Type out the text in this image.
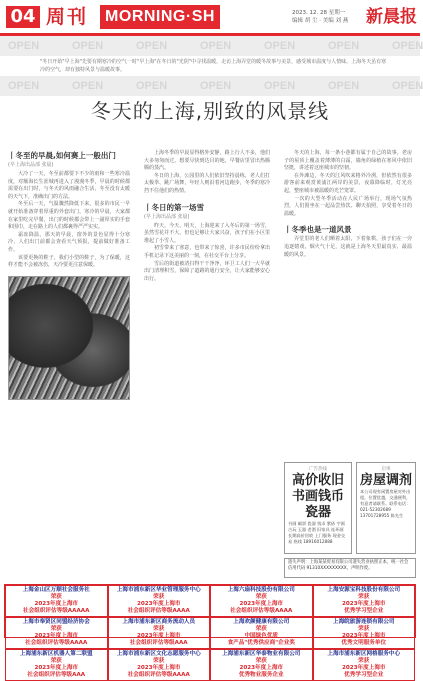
04 周刊	MORNING·SH	2023. 12. 28 星期一
编辑 胡 尘 · 美编 刘 燕	新晨报
OPEN	OPEN	OPEN	OPEN	OPEN	OPEN	OPEN
"冬日开始"早上海"先要有期寒冷的空气一时"早上海"在冬日的"光阴"中寻找温暖，走访上海弄堂的暖冬故事与美景，感受城市温度与人情味。上海冬天虽有寒冷的空气，却有独特风景与温暖故事。
OPEN	OPEN	OPEN	OPEN	OPEN	OPEN	OPEN
冬天的上海,别致的风景线
丨冬至的早晨,如何赛上一般出门
(早上海出品部 张晨)

大冷了一天，冬至前都要下不少的雨和一些寒冷温度，对额海长生涯城再进入了漫漫冬季，早晨的时候都需要在出门时，与冬天的风雨融合生活，冬至没有太暖的天气下，准确出门的方法。

冬至后一天，气温骤然降低下来，很多的市民一早就开始准备穿着厚重的外套出门，寒冷的早晨，大家都在家里吃完早餐，出门的时候都会带上一副厚实的手套和围巾，走在路上的人们都裹得严严实实。

霜冻降温，那天的早晨，窗外的景色显得十分寒冷，人们出门前都会查看天气预报，提前做好准备工作。

该要更换的鞋子，我们小型的鞋子，为了保暖，这样才能不会被冻伤，天冷要更注意保暖。

上海冬季的早晨显得格外安静，路上行人不多，他们大多匆匆而过，想要尽快到达目的地，早餐店里冒出热腾腾的蒸汽。

冬日的上海，公园里的人们依旧坚持晨练，老人们打太极拳、跳广场舞，年轻人则沿着河边跑步，冬季的寒冷挡不住他们的热情。

丨冬日的第一场雪
(早上海出品部 张晨)

昨天，今天、明天，上海迎来了入冬后的第一场雪，虽然雪花并不大，但也足够让大家兴奋，孩子们在小区里堆起了小雪人。

初雪带来了寒意，也带来了惊喜，许多市民纷纷拿出手机记录下这美丽的一刻，在社交平台上分享。

雪后的街道被清扫得干干净净，环卫工人们一大早就出门清理积雪，保障了道路的通行安全，让大家能够安心出行。

冬天的上海，每一条小巷都有属于自己的故事，老房子的屋顶上覆盖着薄薄的白霜，墙角的绿植在寒风中依旧坚挺，讲述着这座城市的坚韧。

在外滩边，冬天的江风吹来格外冷冽，但依然有很多游客前来观赏黄浦江两岸的美景，夜幕降临时，灯光亮起，整座城市被温暖的光芒笼罩。

一次的大型冬季活动在人民广场举行，现场气氛热烈，人们围坐在一起品尝热饮、聊天拍照，享受着冬日的温暖。

丨冬季也是一道风景

弄堂里的老人们晒着太阳，下着象棋，孩子们在一旁追逐嬉戏，烟火气十足，这就是上海冬天里最真实、最温暖的风景。

广告热线
高价收旧书画钱币瓷器
书画 邮票 瓷器 钱币 紫砂 字画 古玩 玉器 老酒 旧家具 连环画 长期高价回收 上门服务 现金交易 热线 18916012888
启事
房屋调剂
本公司现有闲置房屋对外出租，位置优越，交通便利，有意者请联系。联系电话：021-52302689 13701728955 陈先生
遗失声明：上海某某贸易有限公司遗失营业执照正本，统一社会信用代码 91310XXXXXXXXX，声明作废。
上海金山区万顺社会服务社
荣获
2023年度上海市
社会组织评估等级AAAAA
上海市浦东新区华业管理服务中心
荣获
2023年度上海市
社会组织评估等级AAAA
上海六扇科技股份有限公司
荣获
2023年度上海市
社会组织评估等级AAAA
上海安源宝科技股份有限公司
荣获
2023年度上海市
优秀学习型企业
上海市奉贤区同盟经济协会
荣获
2023年度上海市
社会组织评估等级AAAA
上海市浦东新区商务流动人员
荣获
2023年度上海市
社会组织评估等级AAA
上海欢颜健康有限公司
荣获
中国绿色优质
食产品"优秀供应商"企业奖
上海皖旅游连锁有限公司
荣获
2023年度上海市
优秀文明服务单位
上海浦东新区机器人第二联盟
荣获
2023年度上海市
社会组织评估等级AAA
上海市浦东新区文化志愿服务中心
荣获
2023年度上海市
社会组织评估等级AAAA
上海浦东新区华泰物业有限公司
荣获
2023年度上海市
优秀物业服务企业
上海市浦东新区网格服务中心
荣获
2023年度上海市
优秀学习型企业
